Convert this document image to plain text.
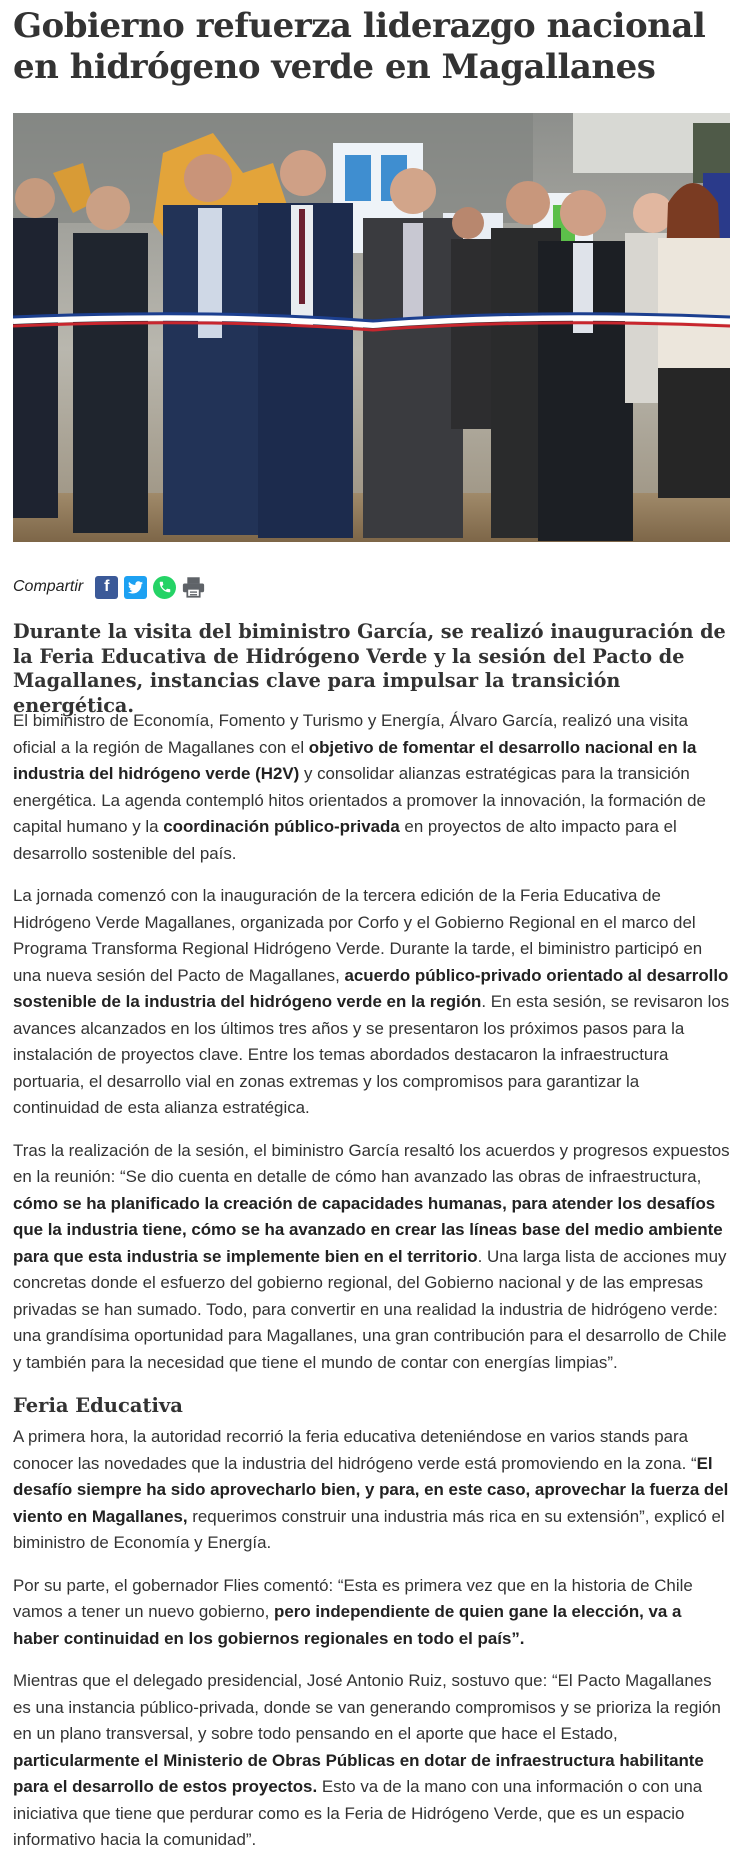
Gobierno refuerza liderazgo nacional en hidrógeno verde en Magallanes
Compartir	f

Durante la visita del biministro García, se realizó inauguración de la Feria Educativa de Hidrógeno Verde y la sesión del Pacto de Magallanes, instancias clave para impulsar la transición energética.

El biministro de Economía, Fomento y Turismo y Energía, Álvaro García, realizó una visita oficial a la región de Magallanes con el objetivo de fomentar el desarrollo nacional en la industria del hidrógeno verde (H2V) y consolidar alianzas estratégicas para la transición energética. La agenda contempló hitos orientados a promover la innovación, la formación de capital humano y la coordinación público-privada en proyectos de alto impacto para el desarrollo sostenible del país.

La jornada comenzó con la inauguración de la tercera edición de la Feria Educativa de Hidrógeno Verde Magallanes, organizada por Corfo y el Gobierno Regional en el marco del Programa Transforma Regional Hidrógeno Verde. Durante la tarde, el biministro participó en una nueva sesión del Pacto de Magallanes, acuerdo público-privado orientado al desarrollo sostenible de la industria del hidrógeno verde en la región. En esta sesión, se revisaron los avances alcanzados en los últimos tres años y se presentaron los próximos pasos para la instalación de proyectos clave. Entre los temas abordados destacaron la infraestructura portuaria, el desarrollo vial en zonas extremas y los compromisos para garantizar la continuidad de esta alianza estratégica.

Tras la realización de la sesión, el biministro García resaltó los acuerdos y progresos expuestos en la reunión: “Se dio cuenta en detalle de cómo han avanzado las obras de infraestructura, cómo se ha planificado la creación de capacidades humanas, para atender los desafíos que la industria tiene, cómo se ha avanzado en crear las líneas base del medio ambiente para que esta industria se implemente bien en el territorio. Una larga lista de acciones muy concretas donde el esfuerzo del gobierno regional, del Gobierno nacional y de las empresas privadas se han sumado. Todo, para convertir en una realidad la industria de hidrógeno verde: una grandísima oportunidad para Magallanes, una gran contribución para el desarrollo de Chile y también para la necesidad que tiene el mundo de contar con energías limpias”.

Feria Educativa

A primera hora, la autoridad recorrió la feria educativa deteniéndose en varios stands para conocer las novedades que la industria del hidrógeno verde está promoviendo en la zona. “El desafío siempre ha sido aprovecharlo bien, y para, en este caso, aprovechar la fuerza del viento en Magallanes, requerimos construir una industria más rica en su extensión”, explicó el biministro de Economía y Energía.

Por su parte, el gobernador Flies comentó: “Esta es primera vez que en la historia de Chile vamos a tener un nuevo gobierno, pero independiente de quien gane la elección, va a haber continuidad en los gobiernos regionales en todo el país”.

Mientras que el delegado presidencial, José Antonio Ruiz, sostuvo que: “El Pacto Magallanes es una instancia público-privada, donde se van generando compromisos y se prioriza la región en un plano transversal, y sobre todo pensando en el aporte que hace el Estado, particularmente el Ministerio de Obras Públicas en dotar de infraestructura habilitante para el desarrollo de estos proyectos. Esto va de la mano con una información o con una iniciativa que tiene que perdurar como es la Feria de Hidrógeno Verde, que es un espacio informativo hacia la comunidad”.
